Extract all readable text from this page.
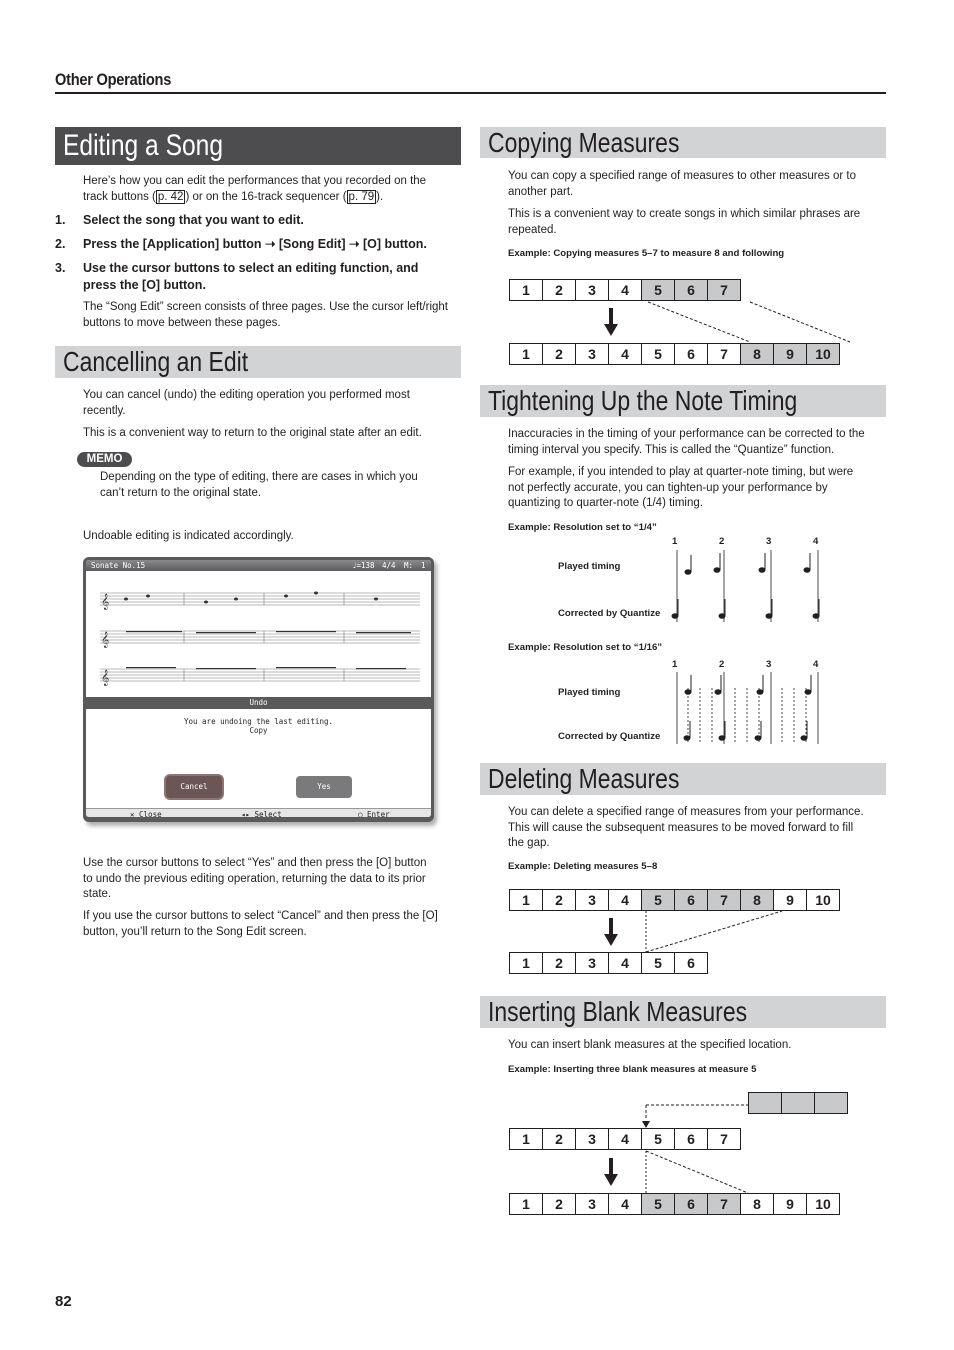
Other Operations
Editing a Song
Here’s how you can edit the performances that you recorded on the
track buttons ( p. 42 ) or on the 16-track sequencer ( p. 79 ).
1. Select the song that you want to edit.
2. Press the [Application] button ➝ [Song Edit] ➝ [O] button.
3. Use the cursor buttons to select an editing function, and
press the [O] button.
The “Song Edit” screen consists of three pages. Use the cursor left/right
buttons to move between these pages.
Cancelling an Edit
You can cancel (undo) the editing operation you performed most
recently.
This is a convenient way to return to the original state after an edit.
MEMO
Depending on the type of editing, there are cases in which you
can’t return to the original state.
Undoable editing is indicated accordingly.
Sonate No.15	♩=138 4/4 M: 1
𝄞
𝄞
𝄞
Undo
You are undoing the last editing.
Copy
Cancel	Yes
✕ Close	◂▸ Select	◯ Enter
Use the cursor buttons to select “Yes” and then press the [O] button
to undo the previous editing operation, returning the data to its prior
state.
If you use the cursor buttons to select “Cancel” and then press the [O]
button, you’ll return to the Song Edit screen.
Copying Measures
You can copy a specified range of measures to other measures or to
another part.
This is a convenient way to create songs in which similar phrases are
repeated.
Example: Copying measures 5–7 to measure 8 and following
1	2	3	4	5	6	7
1	2	3	4	5	6	7	8	9	10
Tightening Up the Note Timing
Inaccuracies in the timing of your performance can be corrected to the
timing interval you specify. This is called the “Quantize” function.
For example, if you intended to play at quarter-note timing, but were
not perfectly accurate, you can tighten-up your performance by
quantizing to quarter-note (1/4) timing.
Example: Resolution set to “1/4”
1	2	3	4
Played timing
Corrected by Quantize
Example: Resolution set to “1/16”
1	2	3	4
Played timing
Corrected by Quantize
Deleting Measures
You can delete a specified range of measures from your performance.
This will cause the subsequent measures to be moved forward to fill
the gap.
Example: Deleting measures 5–8
1	2	3	4	5	6	7	8	9	10
1	2	3	4	5	6
Inserting Blank Measures
You can insert blank measures at the specified location.
Example: Inserting three blank measures at measure 5
1	2	3	4	5	6	7
1	2	3	4	5	6	7	8	9	10
82
